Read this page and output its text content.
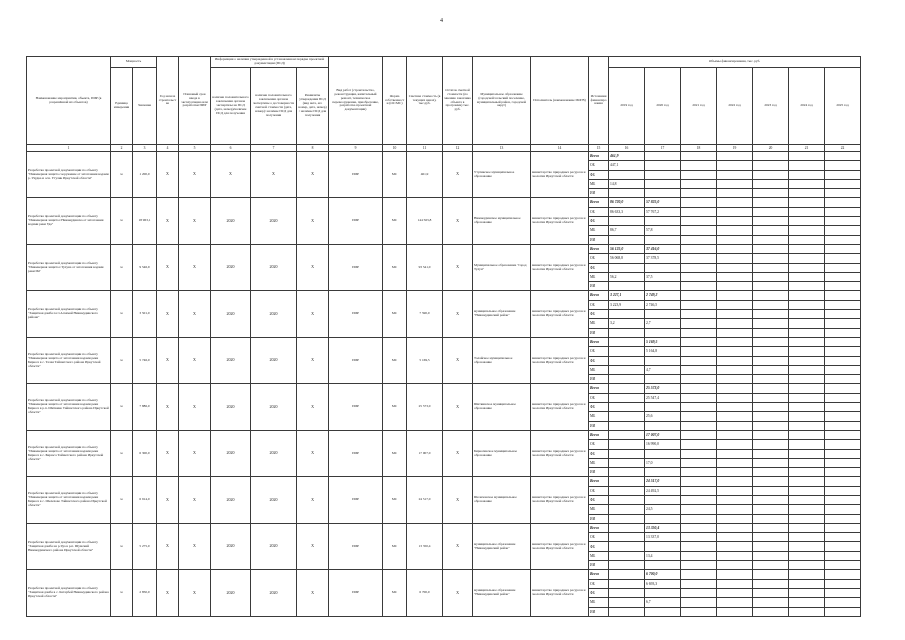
4
Наименование мероприятия, объекта, ПИР (в разрешённой их объектов)	Мощность		Год начала строительства	Плановый срок ввода в эксплуатацию или разработки ПИР	Информация о наличии утвержденной в установленном порядке проектной документации (ПСД)			Вид работ (строительство, реконструкция, капитальный ремонт, техническое перевооружение, приобретение, разработка проектной документации)	Форма собственности (ОС/МС)	Сметная стоимость (в текущих ценах), тыс.руб.	Остаток сметной стоимости (по мнению заказчика объекта в программе) тыс. руб.	Муниципальное образование (городской/сельский поселение, муниципальный район, городской округ)	Исполнитель (наименование ИОГВ)	Источники финансирования	Объемы финансирования, тыс. руб.						
	Единица измерения	Значение			наличие положительного заключения органов экспертизы на ПСД (дата, номер)/наличие ПСД для получения	наличие положительного заключения органов экспертизы о достоверности сметной стоимости (дата, номер)/ наличие ПСД для получения	Реквизиты утверждения ПСД (вид акта, его номер, дата, номер) / наличие ПСД для получения								2019 год	2020 год	2021 год	2022 год	2023 год	2024 год	2025 год
1	2	3	4	5	6	7	8	9	10	11	12	13	14	15	16	17	18	19	20	21	22
Разработка проектной документации по объекту "Инженерная защита сооружение от затопления водами р. Ухудка и осн. Утулик Иркутской области"	м	1 200,0	Х	Х	Х	Х	Х	ПИР	МС	461,9	Х	Утуликское муниципальное образование	министерство природных ресурсов и экологии Иркутской области	Всего	461,9						
														ОБ	447,1						
														ФБ							
														МБ	14,8						
														ИИ							
Разработка проектной документации по объекту "Инженерная защита г.Нижнеудинска от затопления водами реки Уда"	м	18 963,1	Х	Х	2020	2020	Х	ПИР	МС	144 563,8	Х	Нижнеудинское муниципальное образование	министерство природных ресурсов и экологии Иркутской области	Всего	86 720,0	57 825,0					
														ОБ	86 633,3	57 767,2					
														ФБ							
														МБ	86,7	57,8					
														ИИ							
Разработка проектной документации по объекту "Инженерная защита г.Тулуна от затопления водами реки Ия"	м	9 546,9	Х	Х	2020	2020	Х	ПИР	МС	93 541,0	Х	Муниципальное образование "город Тулун"	министерство природных ресурсов и экологии Иркутской области	Всего	56 125,0	37 416,0					
														ОБ	56 068,8	37 378,5					
														ФБ							
														МБ	56,2	37,5					
														ИИ							
Разработка проектной документации по объекту "Защитная дамба п.г.т.Алзамай Нижнеудинского района"	м	3 501,0	Х	Х	2020	2020	Х	ПИР	МС	7 590,0	Х	муниципальное образование "Нижнеудинский район"	министерство природных ресурсов и экологии Иркутской области	Всего	3 227,1	2 749,2					
														ОБ	3 223,9	2 746,5					
														ФБ							
														МБ	3,2	2,7					
														ИИ							
Разработка проектной документации по объекту "Инженерная защита от затопления водами реки Бирюса в с. Талая Тайшетского района Иркутской области"	м	5 746,0	Х	Х	2020	2020	Х	ПИР	МС	5 169,5	Х	Талайское муниципальное образование	министерство природных ресурсов и экологии Иркутской области	Всего		5 169,5					
														ОБ		5 164,8					
														ФБ							
														МБ		4,7					
														ИИ							
Разработка проектной документации по объекту "Инженерная защита от затопления водами реки Бирюса в р.п. Шиткино Тайшетского района Иркутской области"	м	7 886,0	Х	Х	2020	2020	Х	ПИР	МС	25 573,0	Х	Шиткинское муниципальное образование	министерство природных ресурсов и экологии Иркутской области	Всего		25 573,0					
														ОБ		25 547,4					
														ФБ							
														МБ		25,6					
														ИИ							
Разработка проектной документации по объекту "Инженерная защита от затопления водами реки Бирюса в с. Бирюса Тайшетского района Иркутской области"	м	6 300,0	Х	Х	2020	2020	Х	ПИР	МС	17 007,0	Х	Бирюсинское муниципальное образование	министерство природных ресурсов и экологии Иркутской области	Всего		17 007,0					
														ОБ		16 990,0					
														ФБ							
														МБ		17,0					
														ИИ							
Разработка проектной документации по объекту "Инженерная защита от затопления водами реки Бирюса в с. Шелехово Тайшетского района Иркутской области"	м	6 914,0	Х	Х	2020	2020	Х	ПИР	МС	24 517,0	Х	Шелеховское муниципальное образование	министерство природных ресурсов и экологии Иркутской области	Всего		24 517,0					
														ОБ		24 492,5					
														ФБ							
														МБ		24,5					
														ИИ							
Разработка проектной документации по объекту "Защитная дамба на р.Уда в р.п. Шумский Нижнеудинского района Иркутской области"	м	5 275,0	Х	Х	2020	2020	Х	ПИР	МС	13 350,4	Х	муниципальное образование "Нижнеудинский район"	министерство природных ресурсов и экологии Иркутской области	Всего		13 350,4					
														ОБ		13 337,0					
														ФБ							
														МБ		13,4					
														ИИ							
Разработка проектной документации по объекту "Защитная дамба в с. Катарбей Нижнеудинского района Иркутской области"	м	2 850,0	Х	Х	2020	2020	Х	ПИР	МС	6 700,0	Х	муниципальное образование "Нижнеудинский район"	министерство природных ресурсов и экологии Иркутской области	Всего		6 700,0					
														ОБ		6 693,3					
														ФБ							
														МБ		6,7					
														ИИ							
